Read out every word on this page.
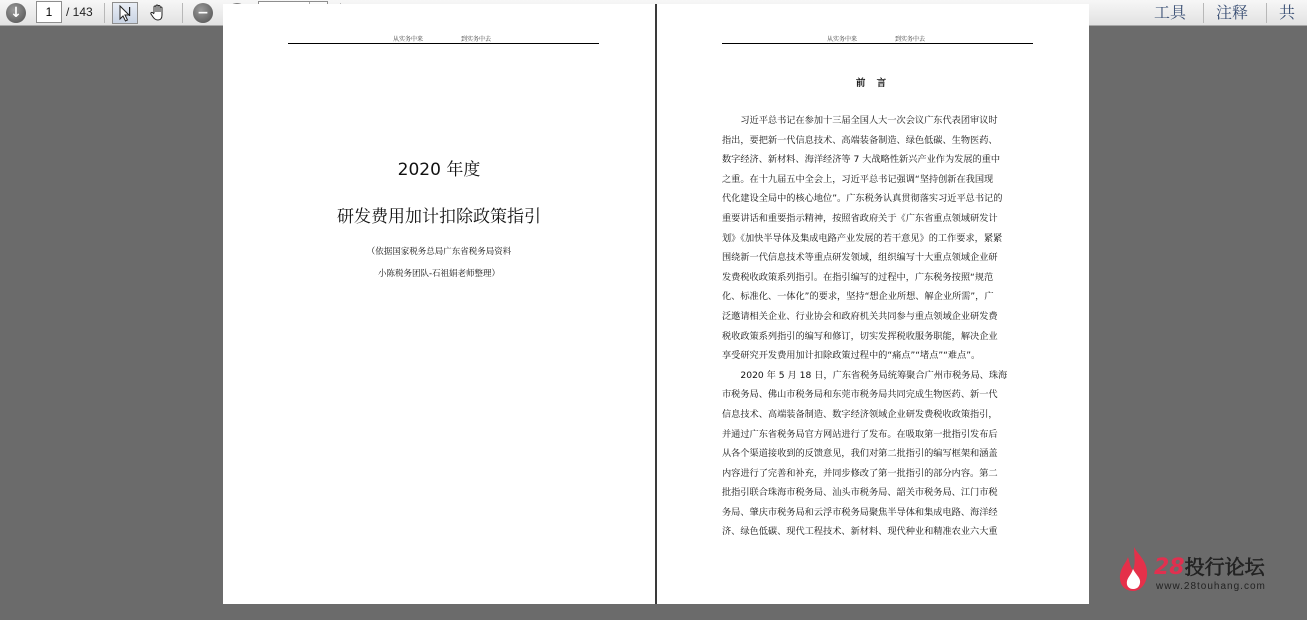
↓	1	/ 143	−	工具 注释 共
从实务中来	到实务中去
2020 年度
研发费用加计扣除政策指引
（依据国家税务总局广东省税务局资料
小陈税务团队-石祖娟老师整理）
从实务中来	到实务中去
前 言
　　习近平总书记在参加十三届全国人大一次会议广东代表团审议时
指出，要把新一代信息技术、高端装备制造、绿色低碳、生物医药、
数字经济、新材料、海洋经济等 7 大战略性新兴产业作为发展的重中
之重。在十九届五中全会上，习近平总书记强调“坚持创新在我国现
代化建设全局中的核心地位”。广东税务认真贯彻落实习近平总书记的
重要讲话和重要指示精神，按照省政府关于《广东省重点领域研发计
划》《加快半导体及集成电路产业发展的若干意见》的工作要求，紧紧
围绕新一代信息技术等重点研发领域，组织编写十大重点领域企业研
发费税收政策系列指引。在指引编写的过程中，广东税务按照“规范
化、标准化、一体化”的要求，坚持“想企业所想、解企业所需”，广
泛邀请相关企业、行业协会和政府机关共同参与重点领域企业研发费
税收政策系列指引的编写和修订，切实发挥税收服务职能，解决企业
享受研究开发费用加计扣除政策过程中的“痛点”“堵点”“难点”。
　　2020 年 5 月 18 日，广东省税务局统筹聚合广州市税务局、珠海
市税务局、佛山市税务局和东莞市税务局共同完成生物医药、新一代
信息技术、高端装备制造、数字经济领域企业研发费税收政策指引，
并通过广东省税务局官方网站进行了发布。在吸取第一批指引发布后
从各个渠道接收到的反馈意见，我们对第二批指引的编写框架和涵盖
内容进行了完善和补充，并同步修改了第一批指引的部分内容。第二
批指引联合珠海市税务局、汕头市税务局、韶关市税务局、江门市税
务局、肇庆市税务局和云浮市税务局聚焦半导体和集成电路、海洋经
济、绿色低碳、现代工程技术、新材料、现代种业和精准农业六大重
28投行论坛
www.28touhang.com
